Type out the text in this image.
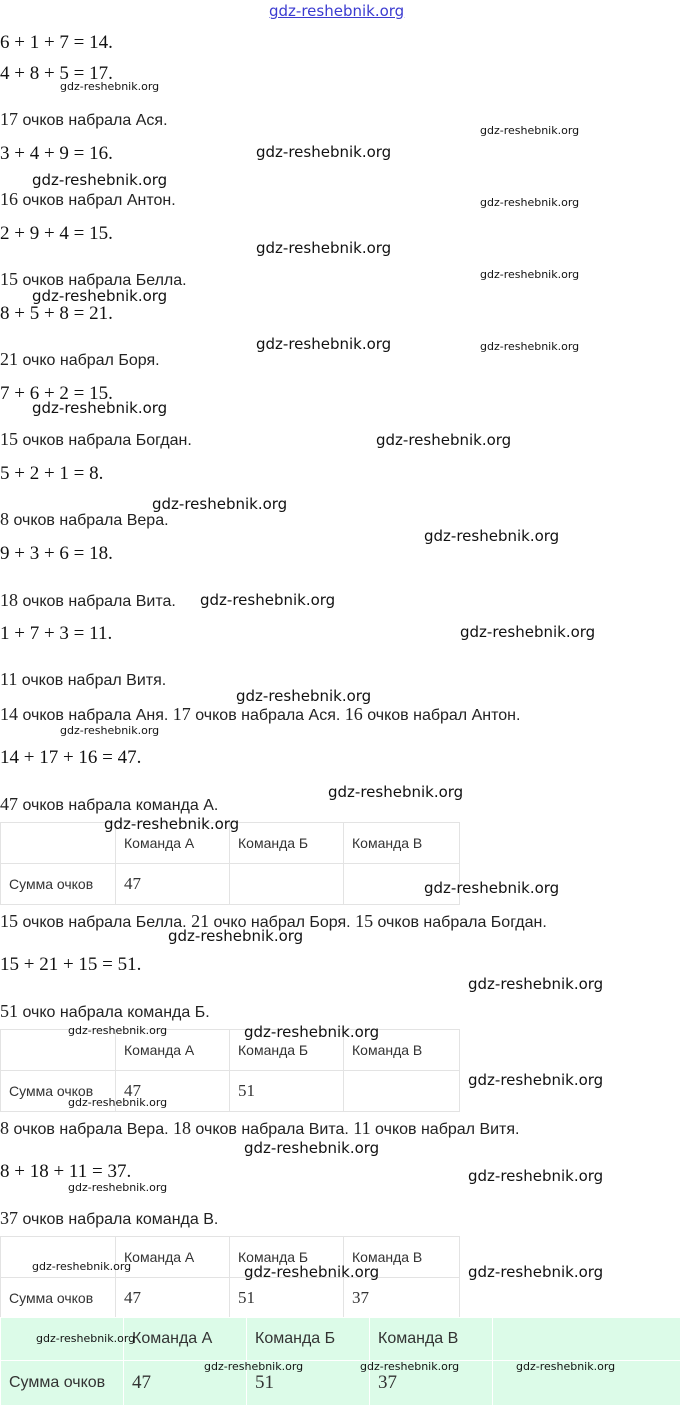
gdz-reshebnik.org
6 + 1 + 7 = 14.
4 + 8 + 5 = 17.
17 очков набрала Ася.
3 + 4 + 9 = 16.
16 очков набрал Антон.
2 + 9 + 4 = 15.
15 очков набрала Белла.
8 + 5 + 8 = 21.
21 очко набрал Боря.
7 + 6 + 2 = 15.
15 очков набрала Богдан.
5 + 2 + 1 = 8.
8 очков набрала Вера.
9 + 3 + 6 = 18.
18 очков набрала Вита.
1 + 7 + 3 = 11.
11 очков набрал Витя.
14 очков набрала Аня. 17 очков набрала Ася. 16 очков набрал Антон.
14 + 17 + 16 = 47.
47 очков набрала команда А.
	Команда А	Команда Б	Команда В
Сумма очков	47		
15 очков набрала Белла. 21 очко набрал Боря. 15 очков набрала Богдан.
15 + 21 + 15 = 51.
51 очко набрала команда Б.
	Команда А	Команда Б	Команда В
Сумма очков	47	51	
8 очков набрала Вера. 18 очков набрала Вита. 11 очков набрал Витя.
8 + 18 + 11 = 37.
37 очков набрала команда В.
	Команда А	Команда Б	Команда В
Сумма очков	47	51	37
	Команда А	Команда Б	Команда В	
Сумма очков	47	51	37	
gdz-reshebnik.org
gdz-reshebnik.org
gdz-reshebnik.org
gdz-reshebnik.org
gdz-reshebnik.org
gdz-reshebnik.org
gdz-reshebnik.org
gdz-reshebnik.org
gdz-reshebnik.org	gdz-reshebnik.org
gdz-reshebnik.org
gdz-reshebnik.org
gdz-reshebnik.org
gdz-reshebnik.org
gdz-reshebnik.org
gdz-reshebnik.org
gdz-reshebnik.org
gdz-reshebnik.org
gdz-reshebnik.org
gdz-reshebnik.org
gdz-reshebnik.org
gdz-reshebnik.org
gdz-reshebnik.org
gdz-reshebnik.org	gdz-reshebnik.org
gdz-reshebnik.org
gdz-reshebnik.org
gdz-reshebnik.org
gdz-reshebnik.org
gdz-reshebnik.org
gdz-reshebnik.org	gdz-reshebnik.org	gdz-reshebnik.org
gdz-reshebnik.org
gdz-reshebnik.org	gdz-reshebnik.org	gdz-reshebnik.org
